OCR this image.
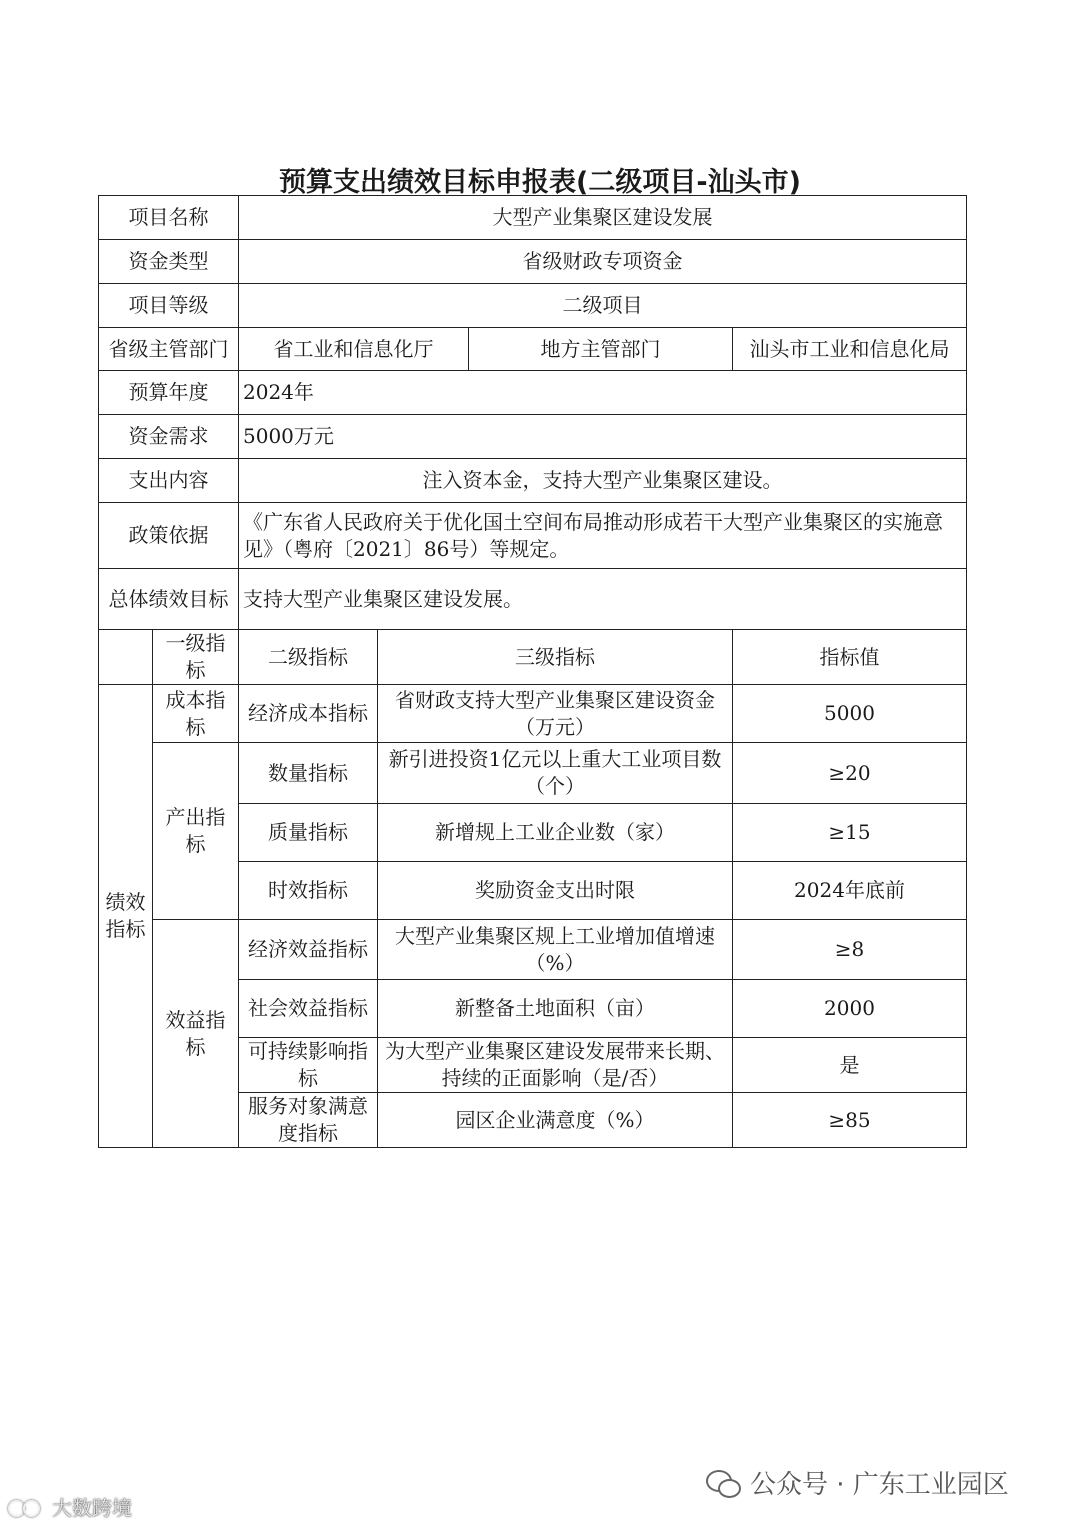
预算支出绩效目标申报表(二级项目-汕头市)
项目名称		大型产业集聚区建设发展			
资金类型		省级财政专项资金			
项目等级		二级项目			
省级主管部门		省工业和信息化厅		地方主管部门	汕头市工业和信息化局
预算年度		2024年			
资金需求		5000万元			
支出内容		注入资本金，支持大型产业集聚区建设。			
政策依据		《广东省人民政府关于优化国土空间布局推动形成若干大型产业集聚区的实施意见》（粤府〔2021〕86号）等规定。			
总体绩效目标		支持大型产业集聚区建设发展。			
	一级指标	二级指标	三级指标		指标值
绩效指标	成本指标	经济成本指标	省财政支持大型产业集聚区建设资金（万元）		5000
	产出指标	数量指标	新引进投资1亿元以上重大工业项目数（个）		≥20
		质量指标	新增规上工业企业数（家）		≥15
		时效指标	奖励资金支出时限		2024年底前
	效益指标	经济效益指标	大型产业集聚区规上工业增加值增速（%）		≥8
		社会效益指标	新整备土地面积（亩）		2000
		可持续影响指标	为大型产业集聚区建设发展带来长期、持续的正面影响（是/否）		是
		服务对象满意度指标	园区企业满意度（%）		≥85
公众号 · 广东工业园区
大数跨境
